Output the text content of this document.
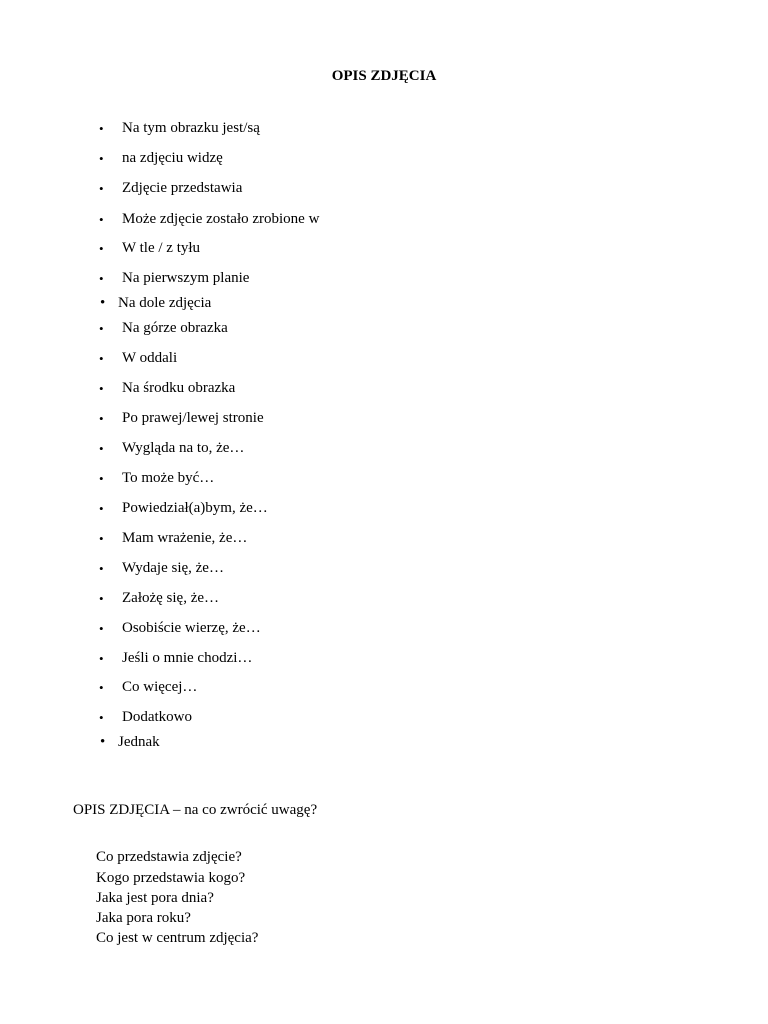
OPIS ZDJĘCIA
• Na tym obrazku jest/są
• na zdjęciu widzę
• Zdjęcie przedstawia
• Może zdjęcie zostało zrobione w
• W tle / z tyłu
• Na pierwszym planie
• Na dole zdjęcia
• Na górze obrazka
• W oddali
• Na środku obrazka
• Po prawej/lewej stronie
• Wygląda na to, że…
• To może być…
• Powiedział(a)bym, że…
• Mam wrażenie, że…
• Wydaje się, że…
• Założę się, że…
• Osobiście wierzę, że…
• Jeśli o mnie chodzi…
• Co więcej…
• Dodatkowo
• Jednak
OPIS ZDJĘCIA – na co zwrócić uwagę?
Co przedstawia zdjęcie?
Kogo przedstawia kogo?
Jaka jest pora dnia?
Jaka pora roku?
Co jest w centrum zdjęcia?
